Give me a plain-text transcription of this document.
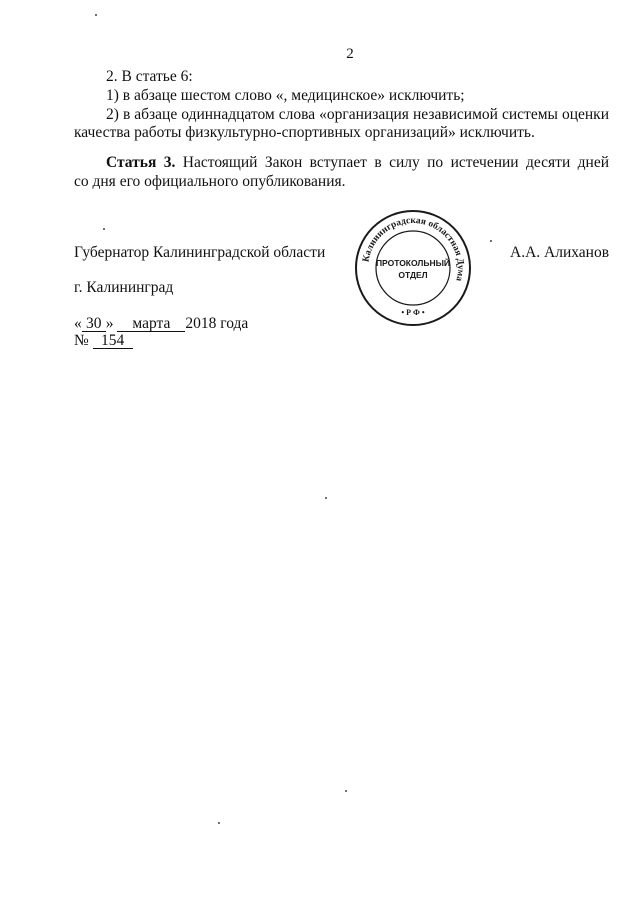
2
2. В статье 6:
1) в абзаце шестом слово «, медицинское» исключить;
2) в абзаце одиннадцатом слова «организация независимой системы оценки
качества работы физкультурно-спортивных организаций» исключить.
Статья 3. Настоящий Закон вступает в силу по истечении десяти дней
со дня его официального опубликования.
Губернатор Калининградской области	А.А. Алиханов
г. Калининград
« 30 » марта 2018 года
№ 154
Калининградская областная Дума
ПРОТОКОЛЬНЫЙ
ОТДЕЛ
• Р Ф •
